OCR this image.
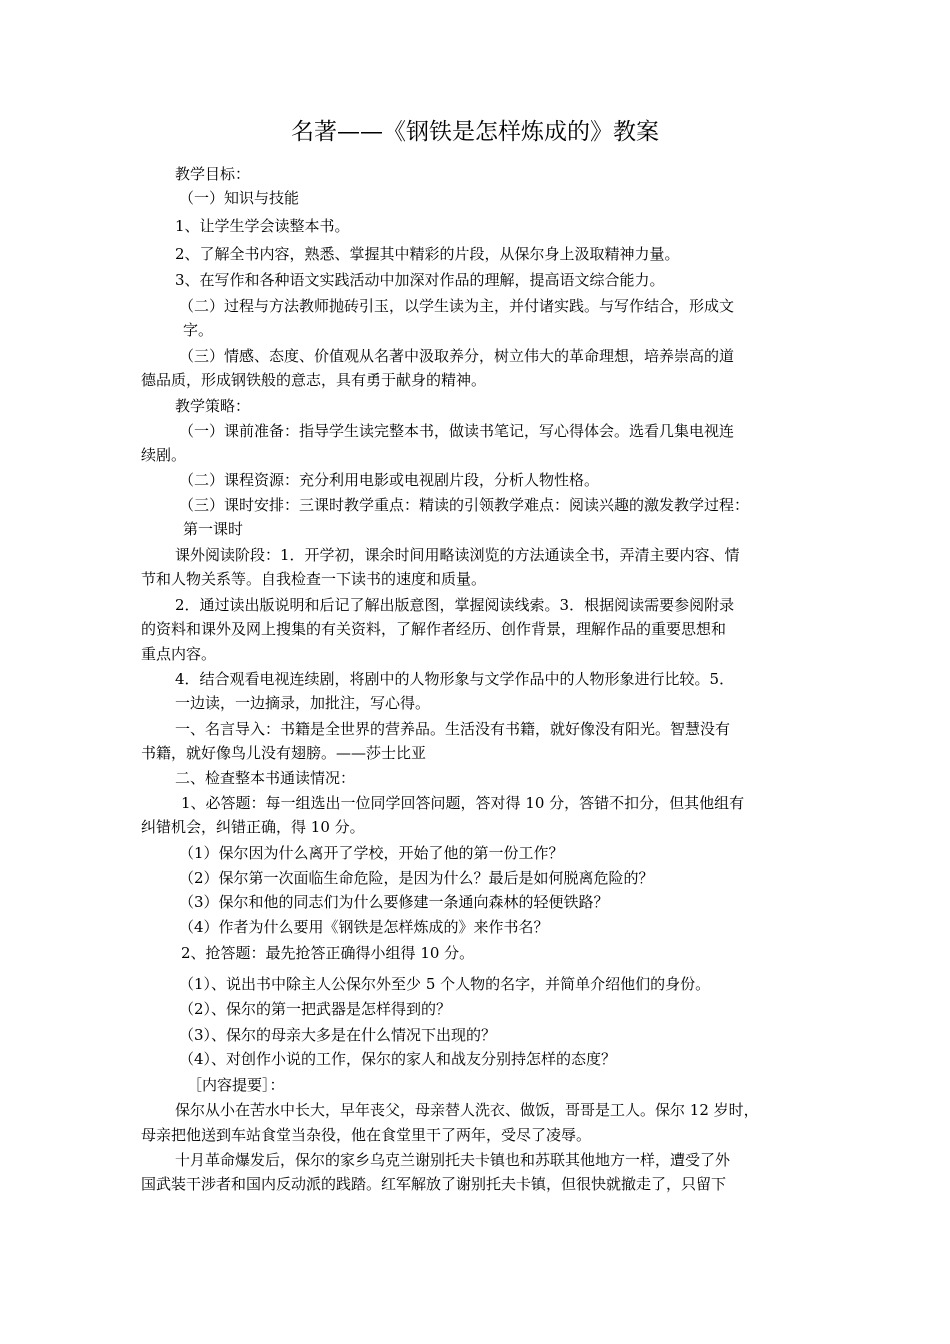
名著——《钢铁是怎样炼成的》教案
教学目标：
（一）知识与技能
1、让学生学会读整本书。
2、了解全书内容，熟悉、掌握其中精彩的片段，从保尔身上汲取精神力量。
3、在写作和各种语文实践活动中加深对作品的理解，提高语文综合能力。
（二）过程与方法教师抛砖引玉，以学生读为主，并付诸实践。与写作结合，形成文
字。
（三）情感、态度、价值观从名著中汲取养分，树立伟大的革命理想，培养崇高的道
德品质，形成钢铁般的意志，具有勇于献身的精神。
教学策略：
（一）课前准备：指导学生读完整本书，做读书笔记，写心得体会。选看几集电视连
续剧。
（二）课程资源：充分利用电影或电视剧片段，分析人物性格。
（三）课时安排：三课时教学重点：精读的引领教学难点：阅读兴趣的激发教学过程：
第一课时
课外阅读阶段：1．开学初，课余时间用略读浏览的方法通读全书，弄清主要内容、情
节和人物关系等。自我检查一下读书的速度和质量。
2．通过读出版说明和后记了解出版意图，掌握阅读线索。3．根据阅读需要参阅附录
的资料和课外及网上搜集的有关资料，了解作者经历、创作背景，理解作品的重要思想和
重点内容。
4．结合观看电视连续剧，将剧中的人物形象与文学作品中的人物形象进行比较。5．
一边读，一边摘录，加批注，写心得。
一、名言导入：书籍是全世界的营养品。生活没有书籍，就好像没有阳光。智慧没有
书籍，就好像鸟儿没有翅膀。——莎士比亚
二、检查整本书通读情况：
1、必答题：每一组选出一位同学回答问题，答对得 10 分，答错不扣分，但其他组有
纠错机会，纠错正确，得 10 分。
（1）保尔因为什么离开了学校，开始了他的第一份工作？
（2）保尔第一次面临生命危险，是因为什么？最后是如何脱离危险的？
（3）保尔和他的同志们为什么要修建一条通向森林的轻便铁路？
（4）作者为什么要用《钢铁是怎样炼成的》来作书名？
2、抢答题：最先抢答正确得小组得 10 分。
（1）、说出书中除主人公保尔外至少 5 个人物的名字，并简单介绍他们的身份。
（2）、保尔的第一把武器是怎样得到的？
（3）、保尔的母亲大多是在什么情况下出现的？
（4）、对创作小说的工作，保尔的家人和战友分别持怎样的态度？
［内容提要］：
保尔从小在苦水中长大，早年丧父，母亲替人洗衣、做饭，哥哥是工人。保尔 12 岁时，
母亲把他送到车站食堂当杂役，他在食堂里干了两年，受尽了凌辱。
十月革命爆发后，保尔的家乡乌克兰谢别托夫卡镇也和苏联其他地方一样，遭受了外
国武装干涉者和国内反动派的践踏。红军解放了谢别托夫卡镇，但很快就撤走了，只留下
